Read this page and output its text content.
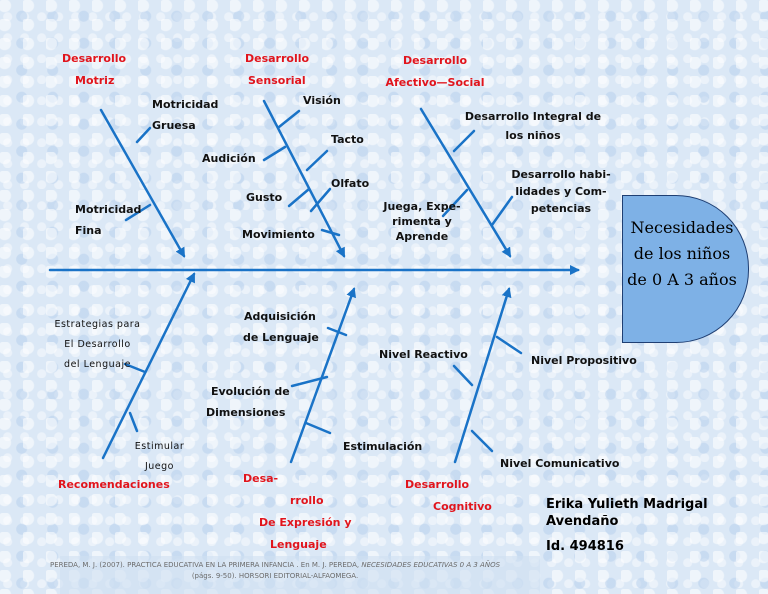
Necesidades
de los niños
de 0 A 3 años
Desarrollo
Motriz
Desarrollo
Sensorial
Desarrollo
Afectivo—Social
Recomendaciones	Desa-
rrollo
De Expresión y
Lenguaje
Desarrollo
Cognitivo
Motricidad
Gruesa
Motricidad
Fina
Visión
Audición
Tacto
Olfato
Gusto
Movimiento
Desarrollo Integral de
los niños
Desarrollo habi-
lidades y Com-
petencias
Juega, Expe-
rimenta y
Aprende
Estrategias para
El Desarrollo
del Lenguaje
Estimular
Juego
Adquisición
de Lenguaje
Evolución de
Dimensiones
Estimulación
Nivel Reactivo	Nivel Propositivo
Nivel Comunicativo
Erika Yulieth Madrigal
Avendaño
Id. 494816
PEREDA, M. J. (2007). PRACTICA EDUCATIVA EN LA PRIMERA INFANCIA . En M. J. PEREDA, NECESIDADES EDUCATIVAS 0 A 3 AÑOS (págs. 9-50). HORSORI EDITORIAL-ALFAOMEGA.
